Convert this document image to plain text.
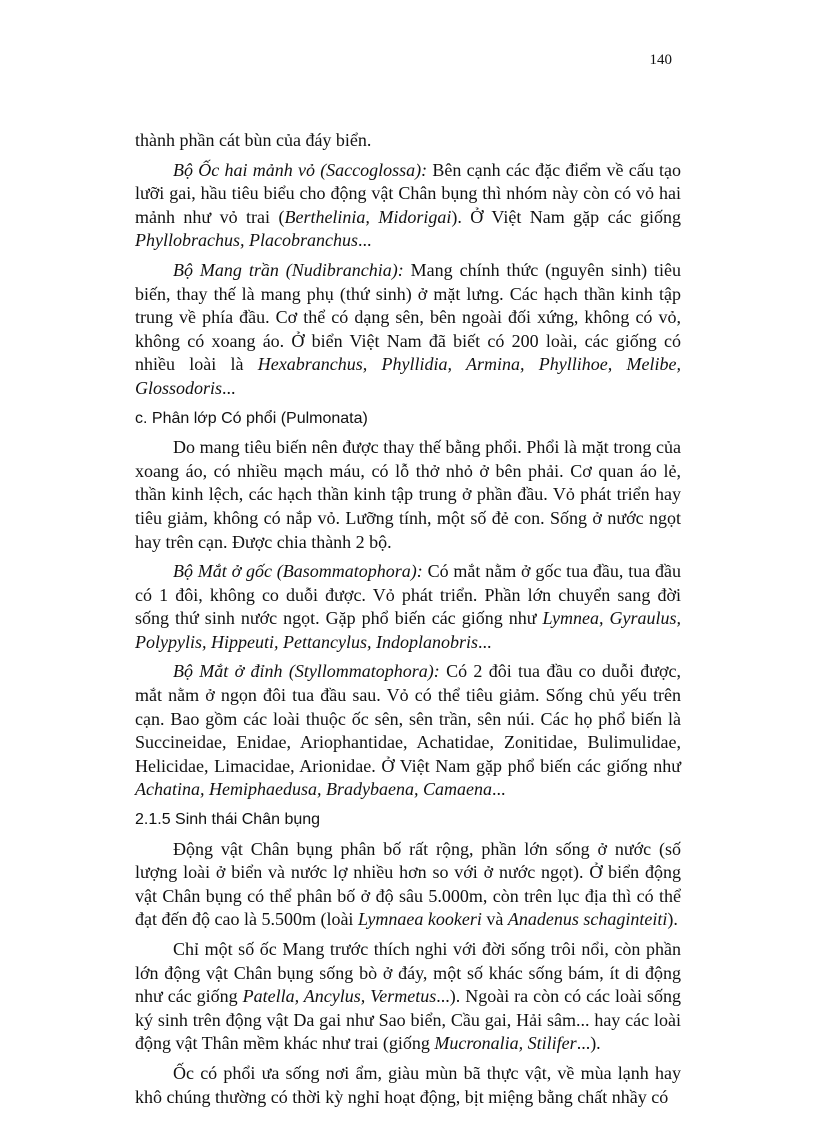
140

thành phần cát bùn của đáy biển.

Bộ Ốc hai mảnh vỏ (Saccoglossa): Bên cạnh các đặc điểm về cấu tạo lưỡi gai, hầu tiêu biểu cho động vật Chân bụng thì nhóm này còn có vỏ hai mảnh như vỏ trai (Berthelinia, Midorigai). Ở Việt Nam gặp các giống Phyllobrachus, Placobranchus...

Bộ Mang trần (Nudibranchia): Mang chính thức (nguyên sinh) tiêu biến, thay thế là mang phụ (thứ sinh) ở mặt lưng. Các hạch thần kinh tập trung về phía đầu. Cơ thể có dạng sên, bên ngoài đối xứng, không có vỏ, không có xoang áo. Ở biển Việt Nam đã biết có 200 loài, các giống có nhiều loài là Hexabranchus, Phyllidia, Armina, Phyllihoe, Melibe, Glossodoris...

c. Phân lớp Có phổi (Pulmonata)

Do mang tiêu biến nên được thay thế bằng phổi. Phổi là mặt trong của xoang áo, có nhiều mạch máu, có lỗ thở nhỏ ở bên phải. Cơ quan áo lẻ, thần kinh lệch, các hạch thần kinh tập trung ở phần đầu. Vỏ phát triển hay tiêu giảm, không có nắp vỏ. Lưỡng tính, một số đẻ con. Sống ở nước ngọt hay trên cạn. Được chia thành 2 bộ.

Bộ Mắt ở gốc (Basommatophora): Có mắt nằm ở gốc tua đầu, tua đầu có 1 đôi, không co duỗi được. Vỏ phát triển. Phần lớn chuyển sang đời sống thứ sinh nước ngọt. Gặp phổ biến các giống như Lymnea, Gyraulus, Polypylis, Hippeuti, Pettancylus, Indoplanobris...

Bộ Mắt ở đỉnh (Styllommatophora): Có 2 đôi tua đầu co duỗi được, mắt nằm ở ngọn đôi tua đầu sau. Vỏ có thể tiêu giảm. Sống chủ yếu trên cạn. Bao gồm các loài thuộc ốc sên, sên trần, sên núi. Các họ phổ biến là Succineidae, Enidae, Ariophantidae, Achatidae, Zonitidae, Bulimulidae, Helicidae, Limacidae, Arionidae. Ở Việt Nam gặp phổ biến các giống như Achatina, Hemiphaedusa, Bradybaena, Camaena...

2.1.5 Sinh thái Chân bụng

Động vật Chân bụng phân bố rất rộng, phần lớn sống ở nước (số lượng loài ở biển và nước lợ nhiều hơn so với ở nước ngọt). Ở biển động vật Chân bụng có thể phân bố ở độ sâu 5.000m, còn trên lục địa thì có thể đạt đến độ cao là 5.500m (loài Lymnaea kookeri và Anadenus schaginteiti).

Chỉ một số ốc Mang trước thích nghi với đời sống trôi nổi, còn phần lớn động vật Chân bụng sống bò ở đáy, một số khác sống bám, ít di động như các giống Patella, Ancylus, Vermetus...). Ngoài ra còn có các loài sống ký sinh trên động vật Da gai như Sao biển, Cầu gai, Hải sâm... hay các loài động vật Thân mềm khác như trai (giống Mucronalia, Stilifer...).

Ốc có phổi ưa sống nơi ẩm, giàu mùn bã thực vật, về mùa lạnh hay khô chúng thường có thời kỳ nghỉ hoạt động, bịt miệng bằng chất nhầy có
